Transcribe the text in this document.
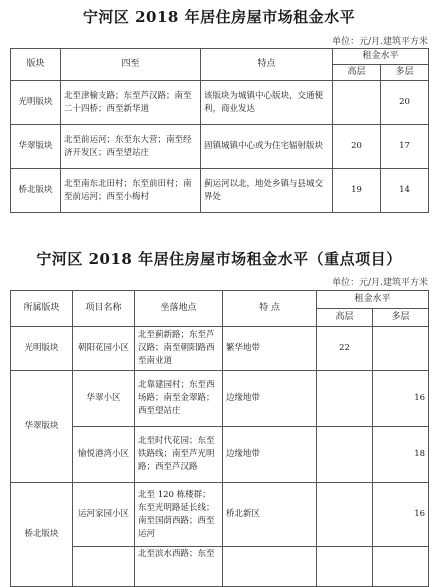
宁河区 2018 年居住房屋市场租金水平
单位：元/月.建筑平方米
版块	四至	特点	租金水平	
			高层	多层
光明版块	北至津榆支路；东至芦汉路；南至二十四桥；西至新华道	该版块为城镇中心版块，交通便利，商业发达		20
华翠版块	北至前运河；东至东大营；南至经济开发区；西至望站庄	固镇城镇中心或为住宅辐射版块	20	17
桥北版块	北至南东北田村；东至前田村；南至前运河；西至小梅村	蓟运河以北，地处乡镇与县城交界处	19	14
宁河区 2018 年居住房屋市场租金水平（重点项目）
单位：元/月.建筑平方米
所属版块	项目名称	坐落地点	特 点	租金水平	
				高层	多层
光明版块	朝阳花园小区	北至蓟新路；东至芦汉路；南至朝阳路西至南业道	繁华地带	22	
华翠版块	华翠小区	北靠建园村；东至西场路；南至金翠路；西至望站庄	边缘地带		16
	愉悦港湾小区	北至时代花园；东至铁路线；南至芦光明路；西至芦汉路	边缘地带		18
桥北版块	运河家园小区	北至 120 栋楼群；东至光明路延长线；南至国荫西路；西至运河	桥北新区		16
		北至滨水西路；东至			
